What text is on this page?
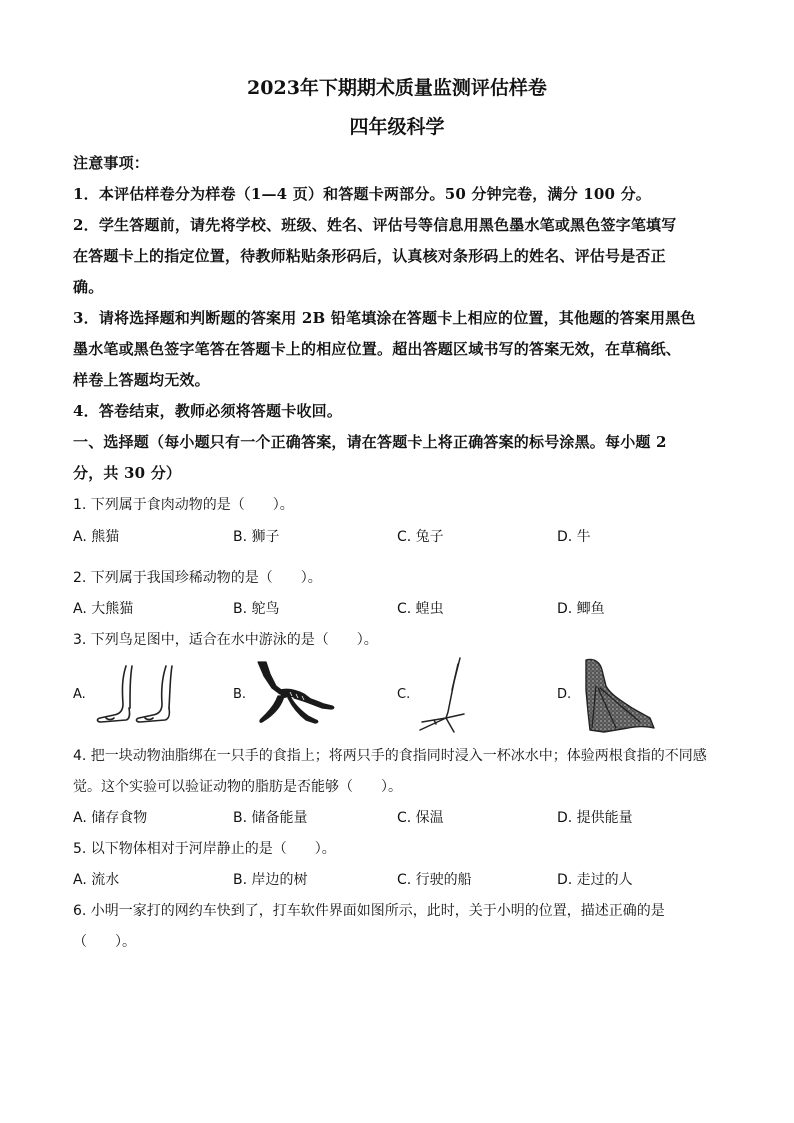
2023年下期期术质量监测评估样卷
四年级科学
注意事项：
1．本评估样卷分为样卷（1—4 页）和答题卡两部分。50 分钟完卷，满分 100 分。
2．学生答题前，请先将学校、班级、姓名、评估号等信息用黑色墨水笔或黑色签字笔填写
在答题卡上的指定位置，待教师粘贴条形码后，认真核对条形码上的姓名、评估号是否正
确。
3．请将选择题和判断题的答案用 2B 铅笔填涂在答题卡上相应的位置，其他题的答案用黑色
墨水笔或黑色签字笔答在答题卡上的相应位置。超出答题区域书写的答案无效，在草稿纸、
样卷上答题均无效。
4．答卷结束，教师必须将答题卡收回。
一、选择题（每小题只有一个正确答案，请在答题卡上将正确答案的标号涂黑。每小题 2
分，共 30 分）
1. 下列属于食肉动物的是（　　）。
A. 熊猫	B. 狮子	C. 兔子	D. 牛
2. 下列属于我国珍稀动物的是（　　）。
A. 大熊猫	B. 鸵鸟	C. 蝗虫	D. 鲫鱼
3. 下列鸟足图中，适合在水中游泳的是（　　）。
A.	B.	C.	D.
4. 把一块动物油脂绑在一只手的食指上；将两只手的食指同时浸入一杯冰水中；体验两根食指的不同感
觉。这个实验可以验证动物的脂肪是否能够（　　）。
A. 储存食物	B. 储备能量	C. 保温	D. 提供能量
5. 以下物体相对于河岸静止的是（　　）。
A. 流水	B. 岸边的树	C. 行驶的船	D. 走过的人
6. 小明一家打的网约车快到了，打车软件界面如图所示，此时，关于小明的位置，描述正确的是
（　　）。
